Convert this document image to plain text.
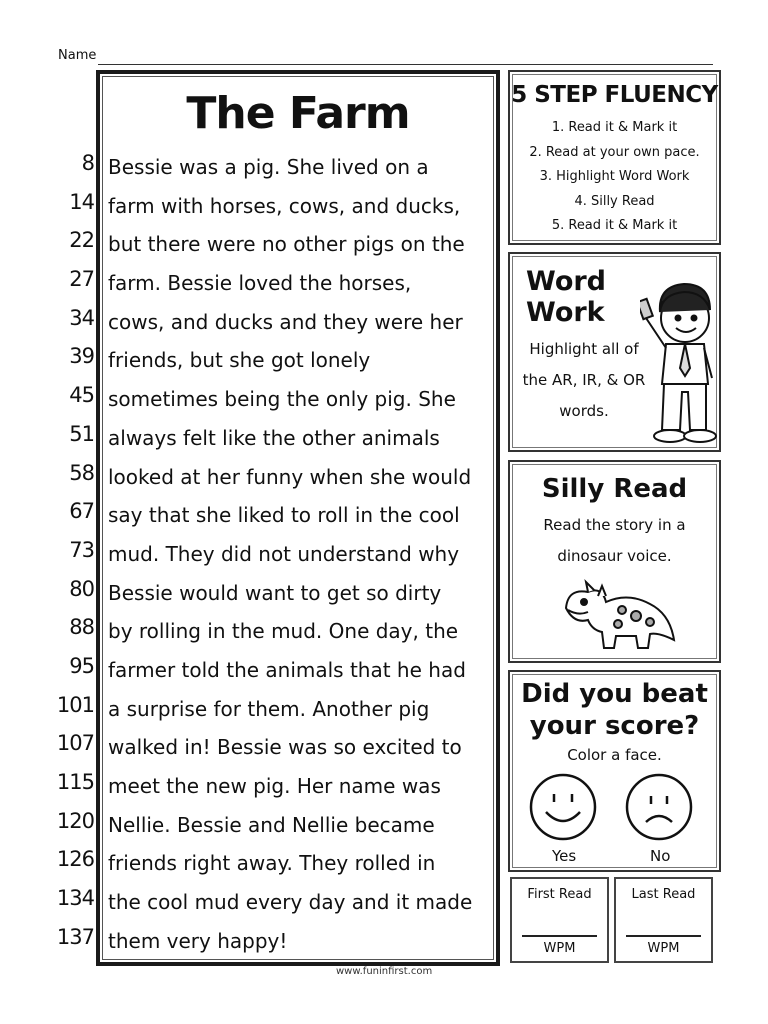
Name
8
14
22
27
34
39
45
51
58
67
73
80
88
95
101
107
115
120
126
134
137
The Farm
Bessie was a pig. She lived on a
farm with horses, cows, and ducks,
but there were no other pigs on the
farm. Bessie loved the horses,
cows, and ducks and they were her
friends, but she got lonely
sometimes being the only pig. She
always felt like the other animals
looked at her funny when she would
say that she liked to roll in the cool
mud. They did not understand why
Bessie would want to get so dirty
by rolling in the mud. One day, the
farmer told the animals that he had
a surprise for them. Another pig
walked in! Bessie was so excited to
meet the new pig. Her name was
Nellie. Bessie and Nellie became
friends right away. They rolled in
the cool mud every day and it made
them very happy!
www.funinfirst.com
5 STEP FLUENCY
1. Read it & Mark it
2. Read at your own pace.
3. Highlight Word Work
4. Silly Read
5. Read it & Mark it
Word Work
Highlight all of the AR, IR, & OR words.
Silly Read
Read the story in a dinosaur voice.
Did you beat your score?
Color a face.
Yes	No
First Read
WPM
Last Read
WPM
